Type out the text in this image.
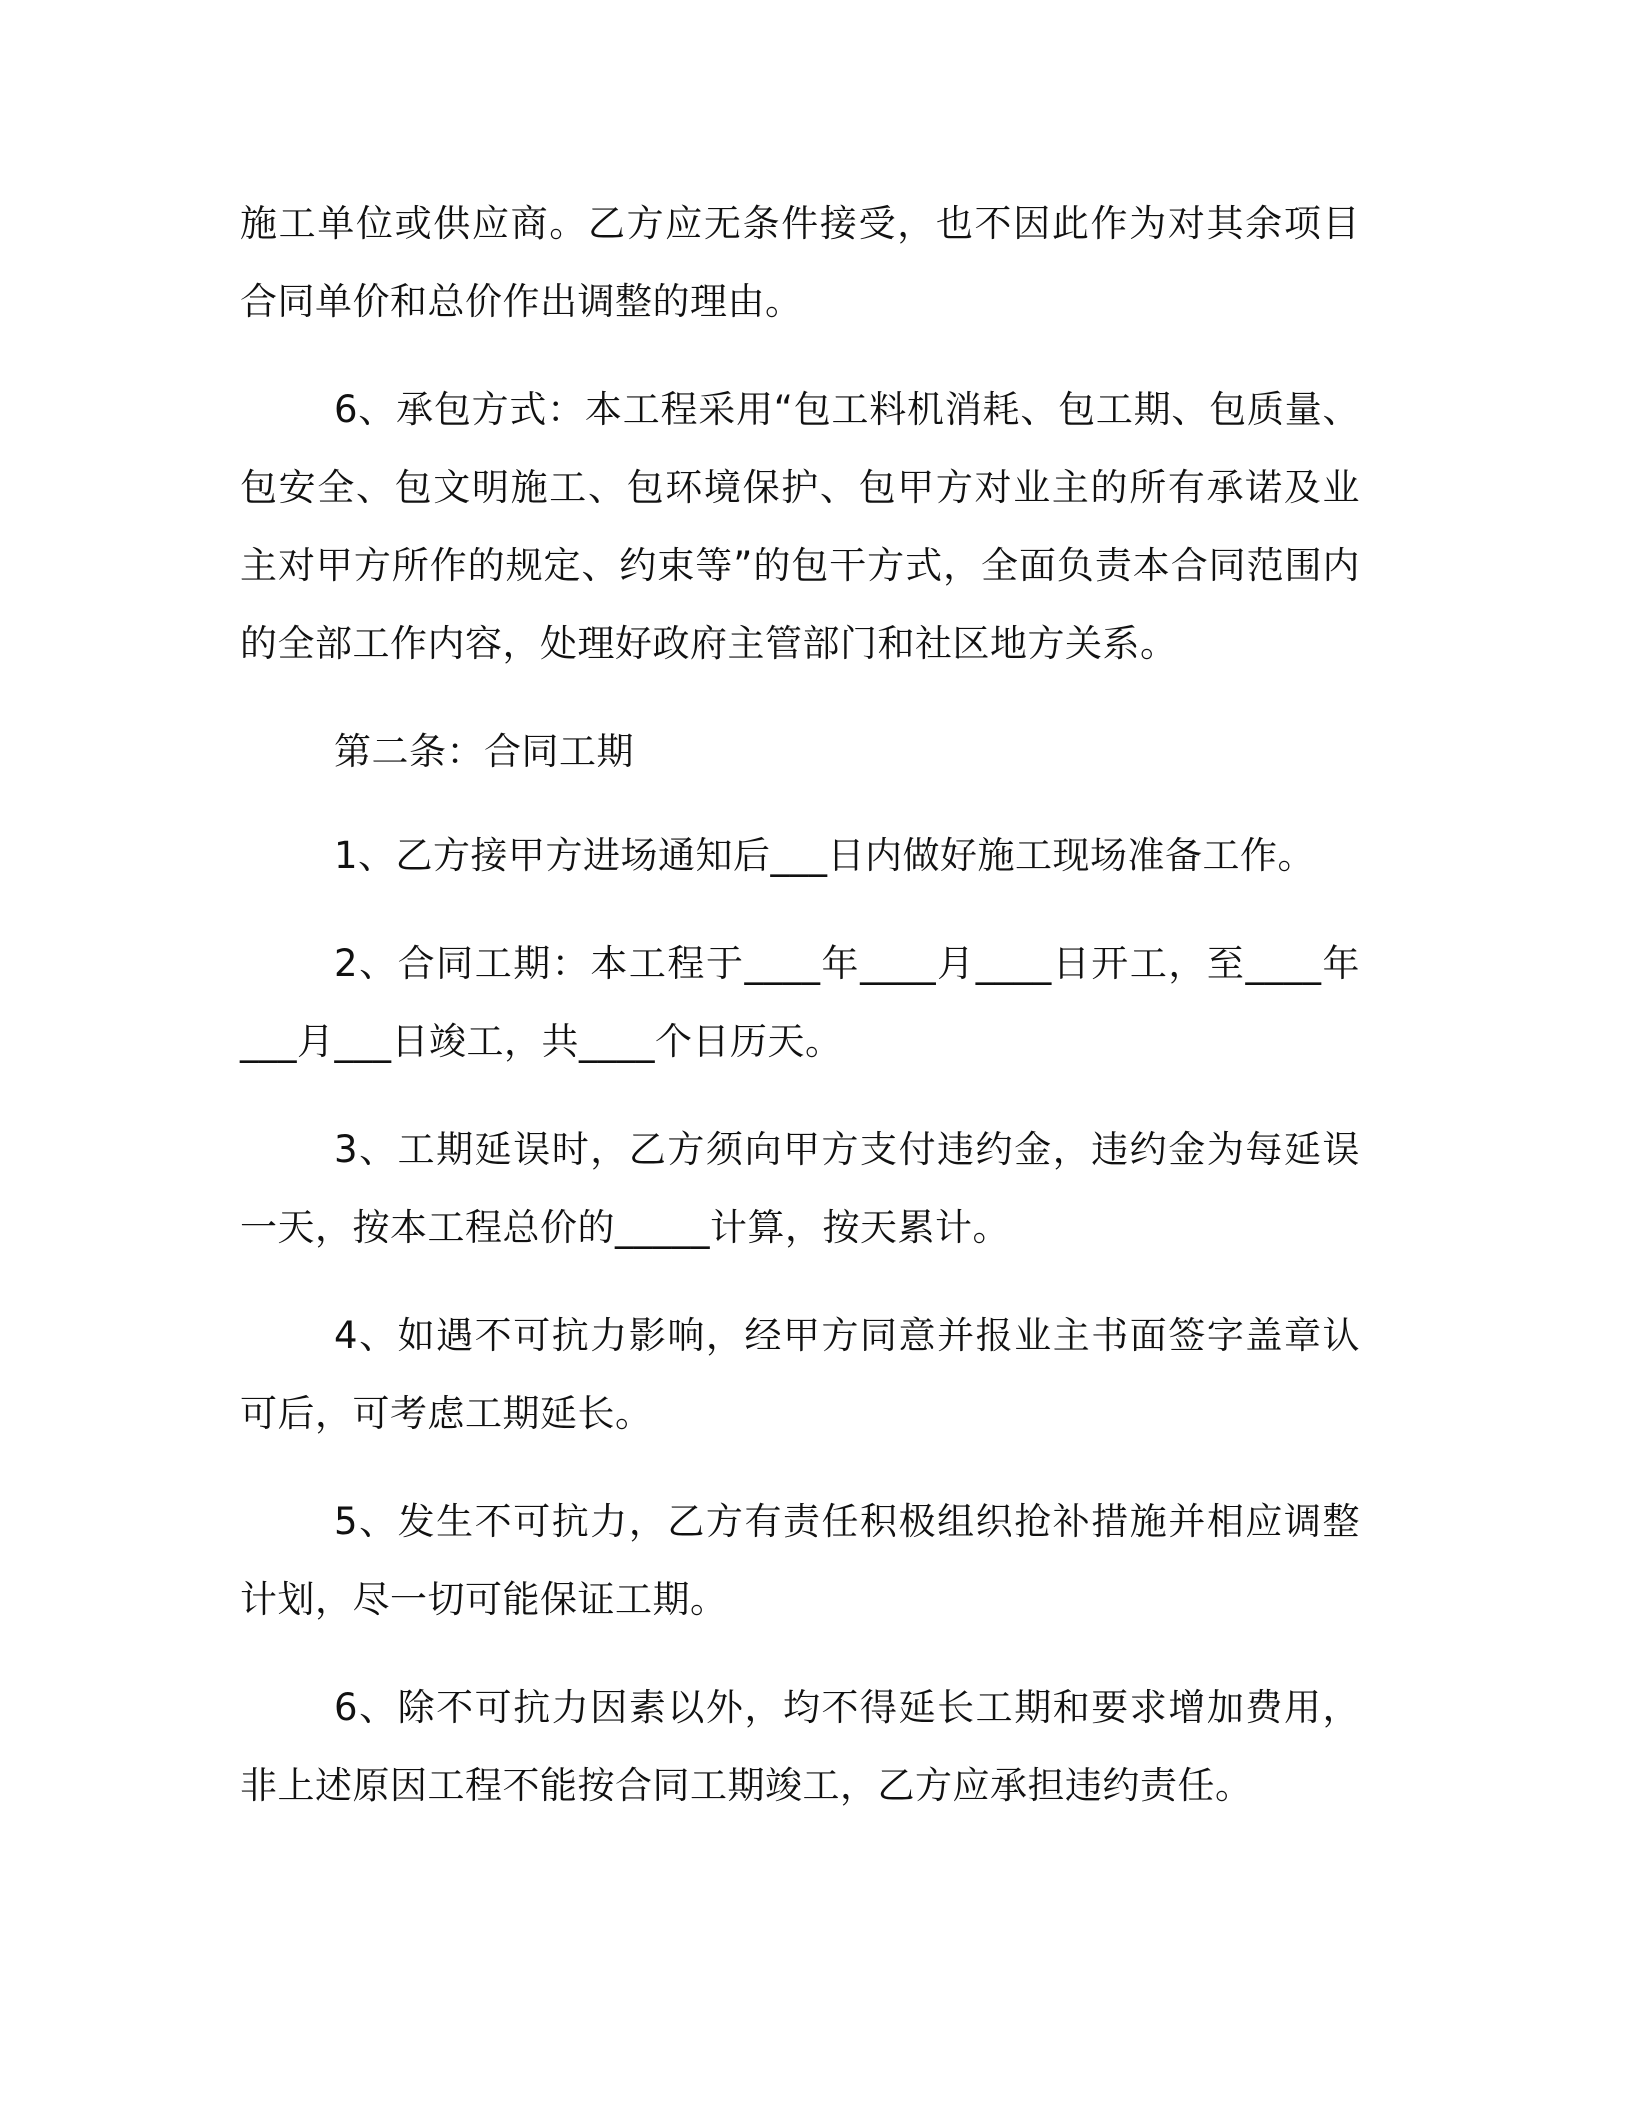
施工单位或供应商。乙方应无条件接受，也不因此作为对其余项目合同单价和总价作出调整的理由。

6、承包方式：本工程采用“包工料机消耗、包工期、包质量、包安全、包文明施工、包环境保护、包甲方对业主的所有承诺及业主对甲方所作的规定、约束等”的包干方式，全面负责本合同范围内的全部工作内容，处理好政府主管部门和社区地方关系。

第二条：合同工期

1、乙方接甲方进场通知后___日内做好施工现场准备工作。

2、合同工期：本工程于____年____月____日开工，至____年___月___日竣工，共____个日历天。

3、工期延误时，乙方须向甲方支付违约金，违约金为每延误一天，按本工程总价的_____计算，按天累计。

4、如遇不可抗力影响，经甲方同意并报业主书面签字盖章认可后，可考虑工期延长。

5、发生不可抗力，乙方有责任积极组织抢补措施并相应调整计划，尽一切可能保证工期。

6、除不可抗力因素以外，均不得延长工期和要求增加费用，非上述原因工程不能按合同工期竣工，乙方应承担违约责任。
